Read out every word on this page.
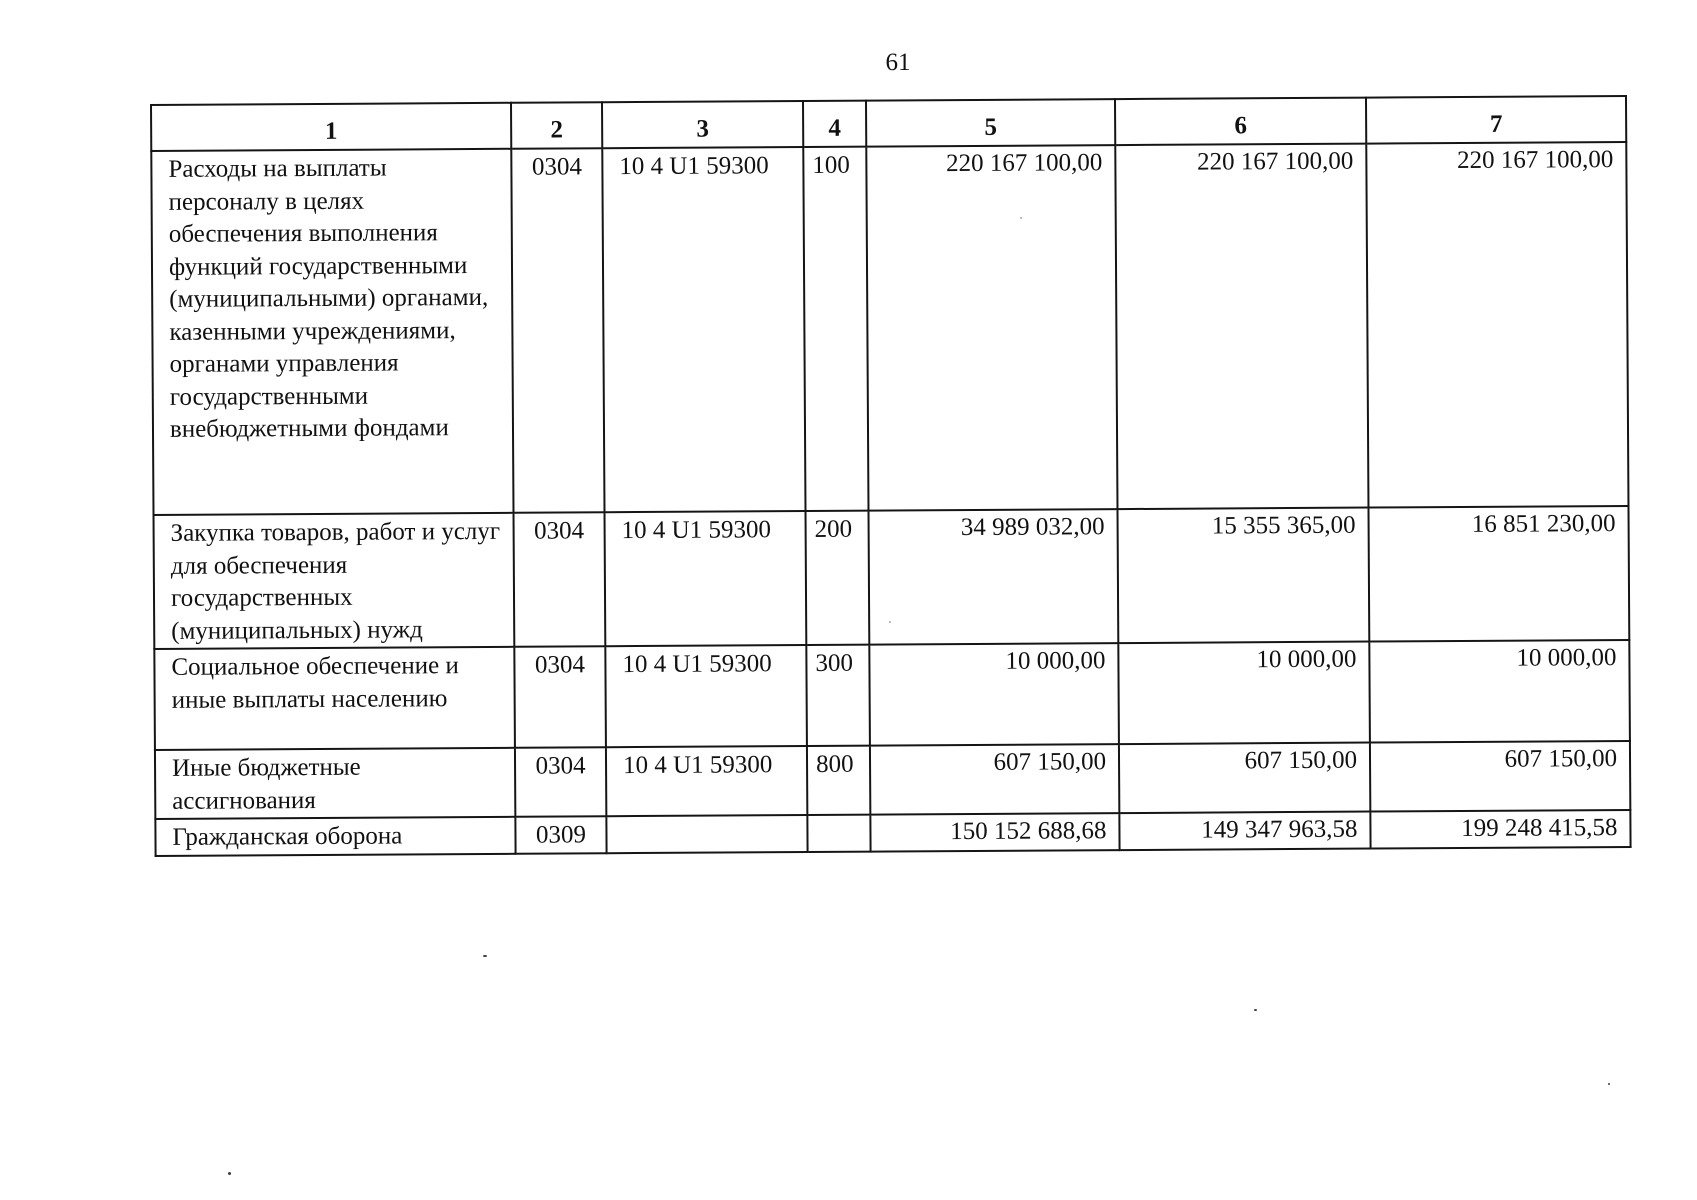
61
1	2	3	4	5	6	7
Расходы на выплаты персоналу в целях обеспечения выполнения функций государственными (муниципальными) органами, казенными учреждениями, органами управления государственными внебюджетными фондами	0304	10 4 U1 59300	100	220 167 100,00	220 167 100,00	220 167 100,00
Закупка товаров, работ и услуг для обеспечения государственных (муниципальных) нужд	0304	10 4 U1 59300	200	34 989 032,00	15 355 365,00	16 851 230,00
Социальное обеспечение и иные выплаты населению	0304	10 4 U1 59300	300	10 000,00	10 000,00	10 000,00
Иные бюджетные ассигнования	0304	10 4 U1 59300	800	607 150,00	607 150,00	607 150,00
Гражданская оборона	0309			150 152 688,68	149 347 963,58	199 248 415,58
